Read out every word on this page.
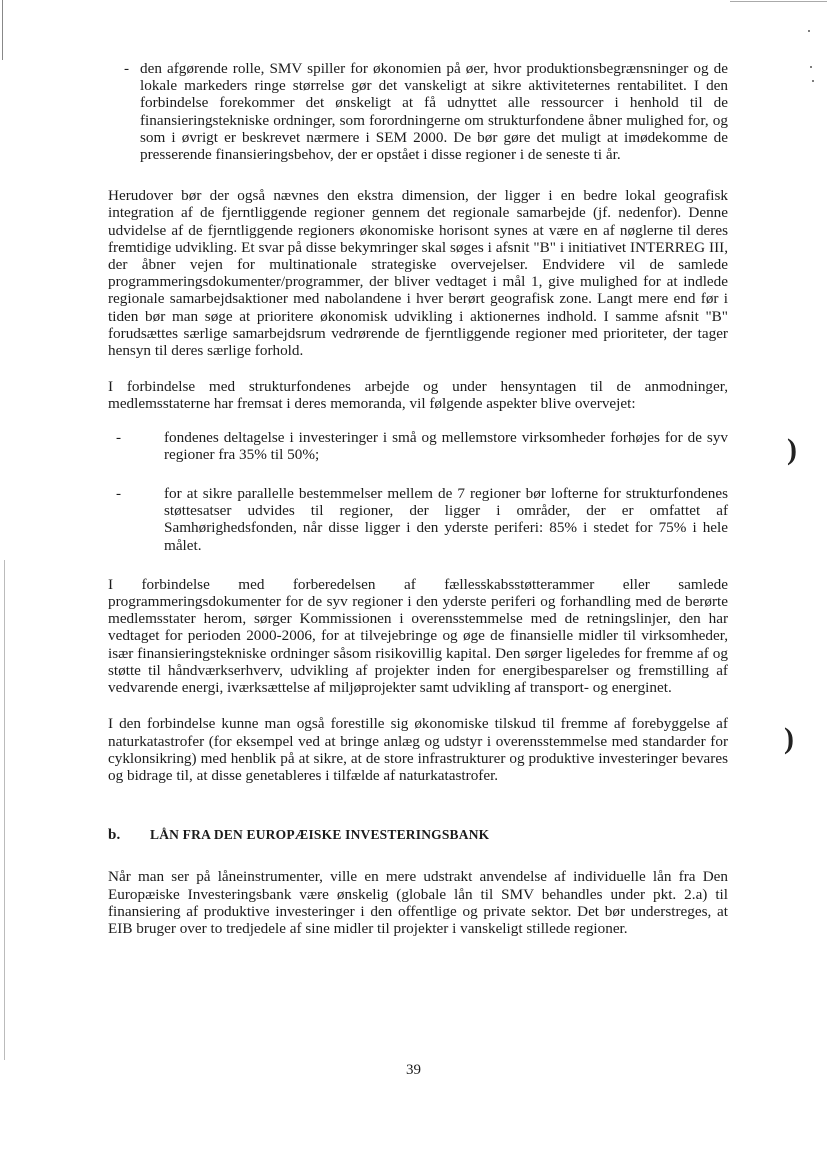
)
)
- den afgørende rolle, SMV spiller for økonomien på øer, hvor produktionsbegrænsninger og de lokale markeders ringe størrelse gør det vanskeligt at sikre aktiviteternes rentabilitet. I den forbindelse forekommer det ønskeligt at få udnyttet alle ressourcer i henhold til de finansieringstekniske ordninger, som forordningerne om strukturfondene åbner mulighed for, og som i øvrigt er beskrevet nærmere i SEM 2000. De bør gøre det muligt at imødekomme de presserende finansieringsbehov, der er opstået i disse regioner i de seneste ti år.

Herudover bør der også nævnes den ekstra dimension, der ligger i en bedre lokal geografisk integration af de fjerntliggende regioner gennem det regionale samarbejde (jf. nedenfor). Denne udvidelse af de fjerntliggende regioners økonomiske horisont synes at være en af nøglerne til deres fremtidige udvikling. Et svar på disse bekymringer skal søges i afsnit "B" i initiativet INTERREG III, der åbner vejen for multinationale strategiske overvejelser. Endvidere vil de samlede programmeringsdokumenter/programmer, der bliver vedtaget i mål 1, give mulighed for at indlede regionale samarbejdsaktioner med nabolandene i hver berørt geografisk zone. Langt mere end før i tiden bør man søge at prioritere økonomisk udvikling i aktionernes indhold. I samme afsnit "B" forudsættes særlige samarbejdsrum vedrørende de fjerntliggende regioner med prioriteter, der tager hensyn til deres særlige forhold.

I forbindelse med strukturfondenes arbejde og under hensyntagen til de anmodninger, medlemsstaterne har fremsat i deres memoranda, vil følgende aspekter blive overvejet:

-	fondenes deltagelse i investeringer i små og mellemstore virksomheder forhøjes for de syv regioner fra 35% til 50%;

-	for at sikre parallelle bestemmelser mellem de 7 regioner bør lofterne for strukturfondenes støttesatser udvides til regioner, der ligger i områder, der er omfattet af Samhørighedsfonden, når disse ligger i den yderste periferi: 85% i stedet for 75% i hele målet.

I forbindelse med forberedelsen af fællesskabsstøtterammer eller samlede programmeringsdokumenter for de syv regioner i den yderste periferi og forhandling med de berørte medlemsstater herom, sørger Kommissionen i overensstemmelse med de retningslinjer, den har vedtaget for perioden 2000-2006, for at tilvejebringe og øge de finansielle midler til virksomheder, især finansieringstekniske ordninger såsom risikovillig kapital. Den sørger ligeledes for fremme af og støtte til håndværkserhverv, udvikling af projekter inden for energibesparelser og fremstilling af vedvarende energi, iværksættelse af miljøprojekter samt udvikling af transport- og energinet.

I den forbindelse kunne man også forestille sig økonomiske tilskud til fremme af forebyggelse af naturkatastrofer (for eksempel ved at bringe anlæg og udstyr i overensstemmelse med standarder for cyklonsikring) med henblik på at sikre, at de store infrastrukturer og produktive investeringer bevares og bidrage til, at disse genetableres i tilfælde af naturkatastrofer.

b. LÅN FRA DEN EUROPÆISKE INVESTERINGSBANK

Når man ser på låneinstrumenter, ville en mere udstrakt anvendelse af individuelle lån fra Den Europæiske Investeringsbank være ønskelig (globale lån til SMV behandles under pkt. 2.a) til finansiering af produktive investeringer i den offentlige og private sektor. Det bør understreges, at EIB bruger over to tredjedele af sine midler til projekter i vanskeligt stillede regioner.

39
